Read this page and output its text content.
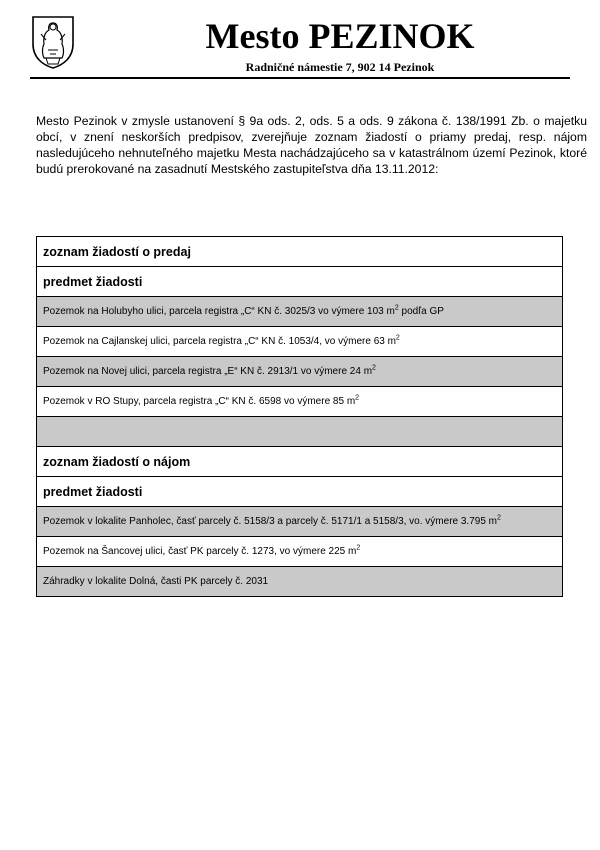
Mesto PEZINOK
Radničné námestie 7, 902 14 Pezinok
Mesto Pezinok v zmysle ustanovení § 9a ods. 2, ods. 5 a ods. 9 zákona č. 138/1991 Zb. o majetku obcí, v znení neskorších predpisov, zverejňuje zoznam žiadostí o priamy predaj, resp. nájom nasledujúceho nehnuteľného majetku Mesta nachádzajúceho sa v katastrálnom území Pezinok, ktoré budú prerokované na zasadnutí Mestského zastupiteľstva dňa 13.11.2012:
zoznam žiadostí o predaj
predmet žiadosti
Pozemok na Holubyho ulici, parcela registra „C“ KN č. 3025/3 vo výmere 103 $m^2$ podľa GP
Pozemok na Cajlanskej ulici, parcela registra „C“ KN č. 1053/4, vo výmere 63 $m^2$
Pozemok na Novej ulici, parcela registra „E“ KN č. 2913/1 vo výmere 24 $m^2$
Pozemok v RO Stupy, parcela registra „C“ KN č. 6598 vo výmere 85 $m^2$

zoznam žiadostí o nájom
predmet žiadosti
Pozemok v lokalite Panholec, časť parcely č. 5158/3 a parcely č. 5171/1 a 5158/3, vo. výmere 3.795 $m^2$
Pozemok na Šancovej ulici, časť PK parcely č. 1273, vo výmere 225 $m^2$
Záhradky v lokalite Dolná, časti PK parcely č. 2031
